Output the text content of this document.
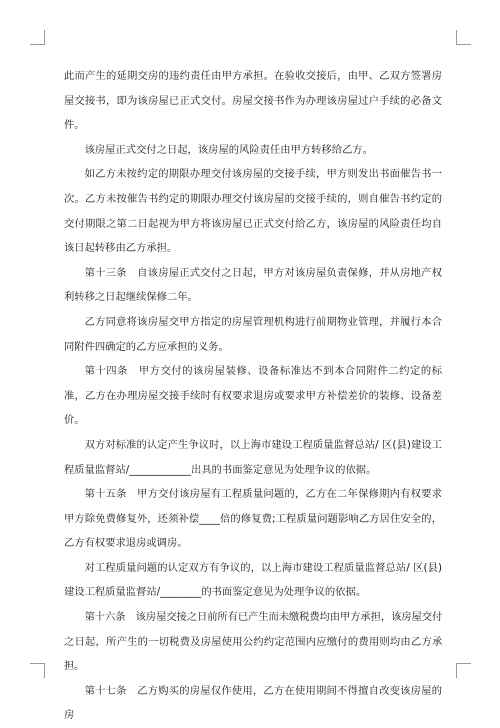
此而产生的延期交房的违约责任由甲方承担。在验收交接后，由甲、乙双方签署房屋交接书，即为该房屋已正式交付。房屋交接书作为办理该房屋过户手续的必备文件。

该房屋正式交付之日起，该房屋的风险责任由甲方转移给乙方。

如乙方未按约定的期限办理交付该房屋的交接手续，甲方则发出书面催告书一次。乙方未按催告书约定的期限办理交付该房屋的交接手续的，则自催告书约定的交付期限之第二日起视为甲方将该房屋已正式交付给乙方，该房屋的风险责任均自该日起转移由乙方承担。

第十三条　自该房屋正式交付之日起，甲方对该房屋负责保修，并从房地产权利转移之日起继续保修二年。

乙方同意将该房屋交甲方指定的房屋管理机构进行前期物业管理，并履行本合同附件四确定的乙方应承担的义务。

第十四条　甲方交付的该房屋装修、设备标准达不到本合同附件二约定的标准，乙方在办理房屋交接手续时有权要求退房或要求甲方补偿差价的装修、设备差价。

双方对标准的认定产生争议时，以上海市建设工程质量监督总站/ 区(县)建设工程质量监督站/____________出具的书面鉴定意见为处理争议的依据。

第十五条　甲方交付该房屋有工程质量问题的，乙方在二年保修期内有权要求甲方除免费修复外，还须补偿____倍的修复费;工程质量问题影响乙方居住安全的，乙方有权要求退房或调房。

对工程质量问题的认定双方有争议的，以上海市建设工程质量监督总站/ 区(县)建设工程质量监督站/________的书面鉴定意见为处理争议的依据。

第十六条　该房屋交接之日前所有已产生而未缴税费均由甲方承担，该房屋交付之日起，所产生的一切税费及房屋使用公约约定范围内应缴付的费用则均由乙方承担。

第十七条　乙方购买的房屋仅作使用，乙方在使用期间不得擅自改变该房屋的房
